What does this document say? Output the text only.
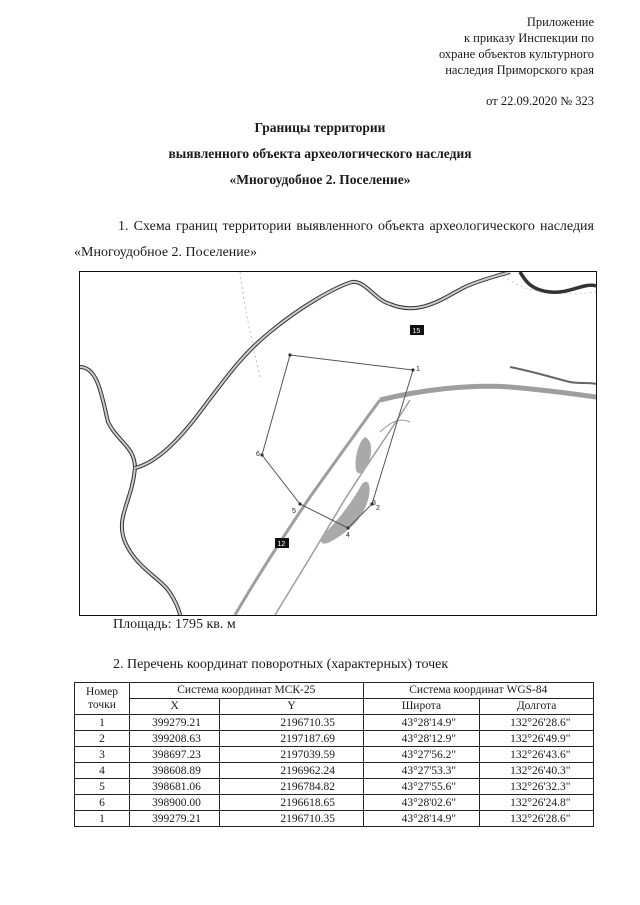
Приложение
к приказу Инспекции по
охране объектов культурного
наследия Приморского края
от 22.09.2020 № 323
Границы территории
выявленного объекта археологического наследия
«Многоудобное 2. Поселение»
1. Схема границ территории выявленного объекта археологического наследия «Многоудобное 2. Поселение»
1
2
3
4
5
6
15
12
Площадь: 1795 кв. м
2. Перечень координат поворотных (характерных) точек
Номер
точки	Система координат МСК-25		Система координат WGS-84	
	X	Y	Широта	Долгота
1	399279.21	2196710.35	43°28'14.9"	132°26'28.6"
2	399208.63	2197187.69	43°28'12.9"	132°26'49.9"
3	398697.23	2197039.59	43°27'56.2"	132°26'43.6"
4	398608.89	2196962.24	43°27'53.3"	132°26'40.3"
5	398681.06	2196784.82	43°27'55.6"	132°26'32.3"
6	398900.00	2196618.65	43°28'02.6"	132°26'24.8"
1	399279.21	2196710.35	43°28'14.9"	132°26'28.6"
